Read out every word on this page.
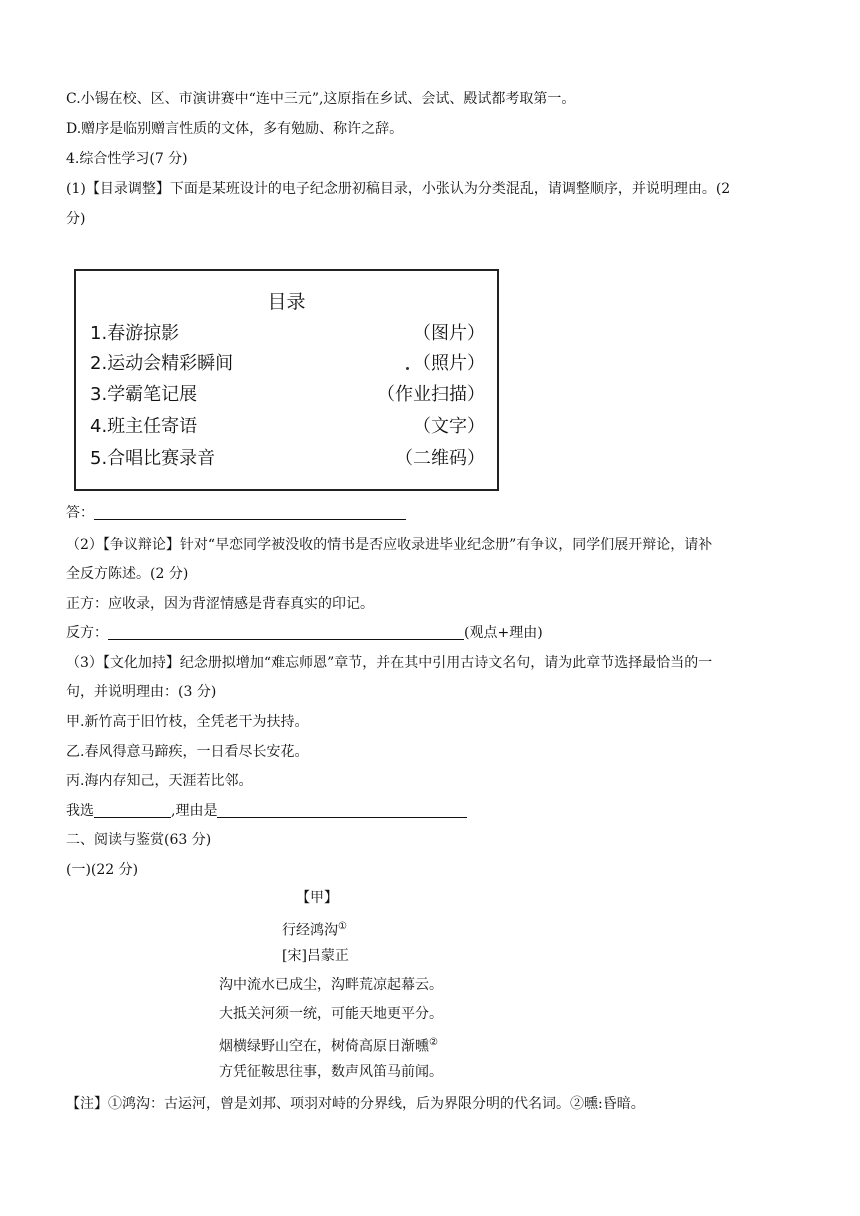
C.小锡在校、区、市演讲赛中“连中三元”,这原指在乡试、会试、殿试都考取第一。
D.赠序是临别赠言性质的文体，多有勉励、称许之辞。
4.综合性学习(7 分)
(1)【目录调整】下面是某班设计的电子纪念册初稿目录，小张认为分类混乱，请调整顺序，并说明理由。(2
分)
目录
1.春游掠影	（图片）
2.运动会精彩瞬间	（照片）
3.学霸笔记展	（作业扫描）
4.班主任寄语	（文字）
5.合唱比赛录音	（二维码）
答：
（2）【争议辩论】针对“早恋同学被没收的情书是否应收录进毕业纪念册”有争议，同学们展开辩论，请补
全反方陈述。(2 分)
正方：应收录，因为背涩情感是背春真实的印记。
反方：	(观点+理由)
（3）【文化加持】纪念册拟增加“难忘师恩”章节，并在其中引用古诗文名句，请为此章节选择最恰当的一
句，并说明理由：(3 分)
甲.新竹高于旧竹枝，全凭老干为扶持。
乙.春风得意马蹄疾，一日看尽长安花。
丙.海内存知己，天涯若比邻。
我选	,理由是
二、阅读与鉴赏(63 分)
(一)(22 分)
【甲】
行经鸿沟①
[宋]吕蒙正
沟中流水已成尘，沟畔荒凉起幕云。
大抵关河须一统，可能天地更平分。
烟横绿野山空在，树倚高原日渐曛②
方凭征鞍思往事，数声风笛马前闻。
【注】①鸿沟：古运河，曾是刘邦、项羽对峙的分界线，后为界限分明的代名词。②曛:昏暗。
